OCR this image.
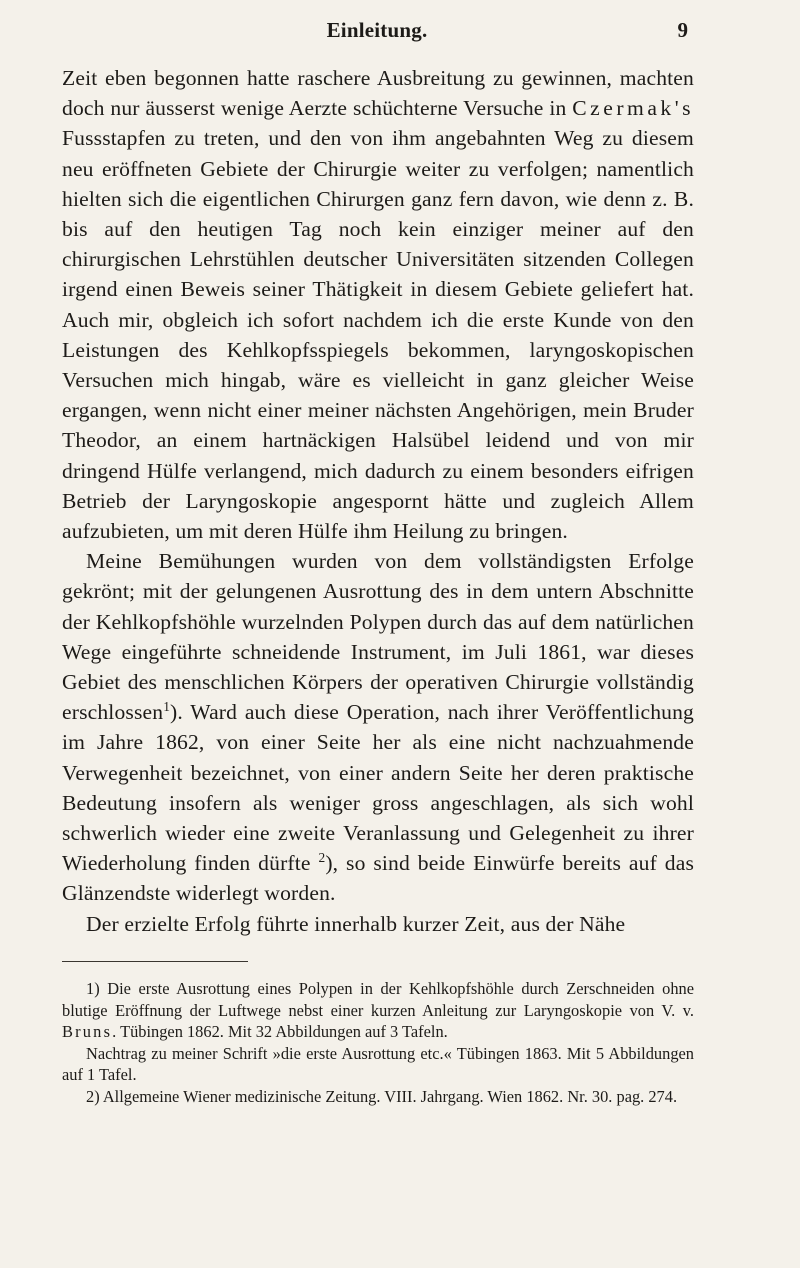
Einleitung.	9

Zeit eben begonnen hatte raschere Ausbreitung zu gewinnen, machten doch nur äusserst wenige Aerzte schüchterne Versuche in Czermak's Fussstapfen zu treten, und den von ihm angebahnten Weg zu diesem neu eröffneten Gebiete der Chirurgie weiter zu verfolgen; namentlich hielten sich die eigentlichen Chirurgen ganz fern davon, wie denn z. B. bis auf den heutigen Tag noch kein einziger meiner auf den chirurgischen Lehrstühlen deutscher Universitäten sitzenden Collegen irgend einen Beweis seiner Thätigkeit in diesem Gebiete geliefert hat. Auch mir, obgleich ich sofort nachdem ich die erste Kunde von den Leistungen des Kehlkopfsspiegels bekommen, laryngoskopischen Versuchen mich hingab, wäre es vielleicht in ganz gleicher Weise ergangen, wenn nicht einer meiner nächsten Angehörigen, mein Bruder Theodor, an einem hartnäckigen Halsübel leidend und von mir dringend Hülfe verlangend, mich dadurch zu einem besonders eifrigen Betrieb der Laryngoskopie angespornt hätte und zugleich Allem aufzubieten, um mit deren Hülfe ihm Heilung zu bringen.

Meine Bemühungen wurden von dem vollständigsten Erfolge gekrönt; mit der gelungenen Ausrottung des in dem untern Abschnitte der Kehlkopfshöhle wurzelnden Polypen durch das auf dem natürlichen Wege eingeführte schneidende Instrument, im Juli 1861, war dieses Gebiet des menschlichen Körpers der operativen Chirurgie vollständig erschlossen$^1$). Ward auch diese Operation, nach ihrer Veröffentlichung im Jahre 1862, von einer Seite her als eine nicht nachzuahmende Verwegenheit bezeichnet, von einer andern Seite her deren praktische Bedeutung insofern als weniger gross angeschlagen, als sich wohl schwerlich wieder eine zweite Veranlassung und Gelegenheit zu ihrer Wiederholung finden dürfte $^2$), so sind beide Einwürfe bereits auf das Glänzendste widerlegt worden.

Der erzielte Erfolg führte innerhalb kurzer Zeit, aus der Nähe

1) Die erste Ausrottung eines Polypen in der Kehlkopfshöhle durch Zerschneiden ohne blutige Eröffnung der Luftwege nebst einer kurzen Anleitung zur Laryngoskopie von V. v. Bruns. Tübingen 1862. Mit 32 Abbildungen auf 3 Tafeln.

Nachtrag zu meiner Schrift »die erste Ausrottung etc.« Tübingen 1863. Mit 5 Abbildungen auf 1 Tafel.

2) Allgemeine Wiener medizinische Zeitung. VIII. Jahrgang. Wien 1862. Nr. 30. pag. 274.
